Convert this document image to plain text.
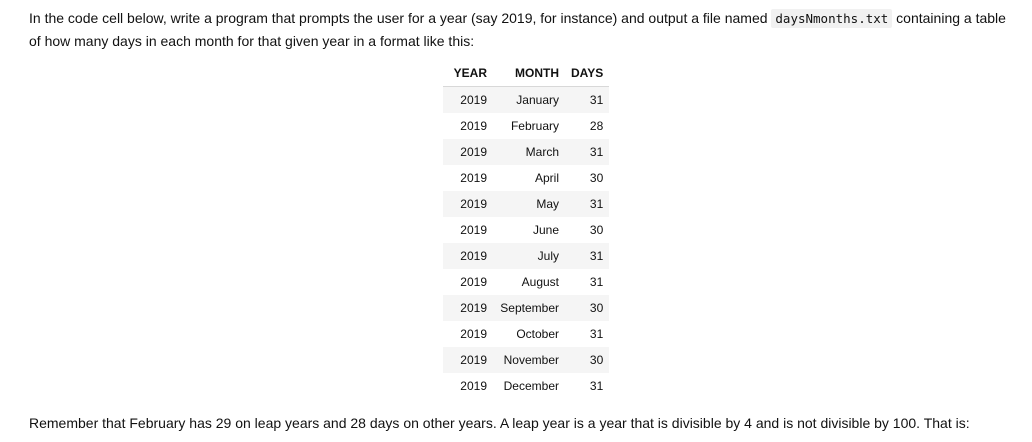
In the code cell below, write a program that prompts the user for a year (say 2019, for instance) and output a file named daysNmonths.txt containing a table of how many days in each month for that given year in a format like this:

YEAR	MONTH	DAYS
2019	January	31
2019	February	28
2019	March	31
2019	April	30
2019	May	31
2019	June	30
2019	July	31
2019	August	31
2019	September	30
2019	October	31
2019	November	30
2019	December	31

Remember that February has 29 on leap years and 28 days on other years. A leap year is a year that is divisible by 4 and is not divisible by 100. That is:
